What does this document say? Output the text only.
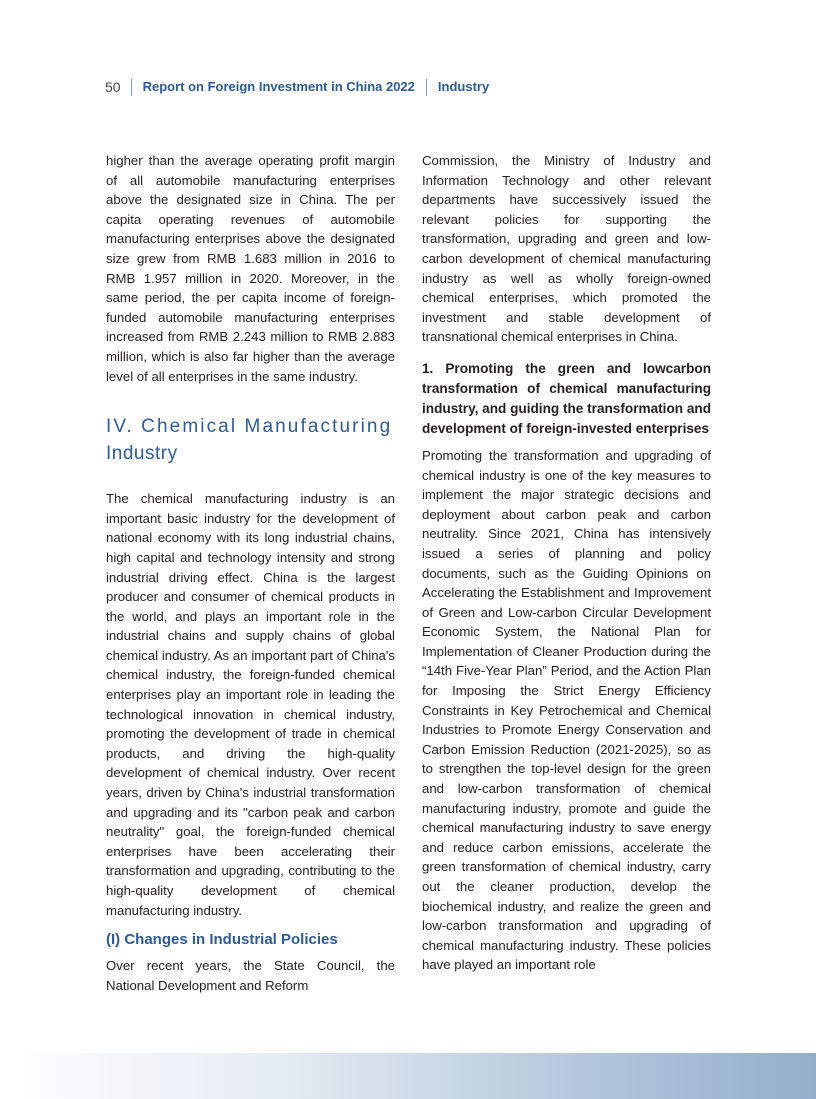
50 Report on Foreign Investment in China 2022 Industry

higher than the average operating profit margin of all automobile manufacturing enterprises above the designated size in China. The per capita operating revenues of automobile manufacturing enterprises above the designated size grew from RMB 1.683 million in 2016 to RMB 1.957 million in 2020. Moreover, in the same period, the per capita income of foreign-funded automobile manufacturing enterprises increased from RMB 2.243 million to RMB 2.883 million, which is also far higher than the average level of all enterprises in the same industry.

IV. Chemical Manufacturing
Industry

The chemical manufacturing industry is an important basic industry for the development of national economy with its long industrial chains, high capital and technology intensity and strong industrial driving effect. China is the largest producer and consumer of chemical products in the world, and plays an important role in the industrial chains and supply chains of global chemical industry. As an important part of China's chemical industry, the foreign-funded chemical enterprises play an important role in leading the technological innovation in chemical industry, promoting the development of trade in chemical products, and driving the high-quality development of chemical industry. Over recent years, driven by China's industrial transformation and upgrading and its "carbon peak and carbon neutrality" goal, the foreign-funded chemical enterprises have been accelerating their transformation and upgrading, contributing to the high-quality development of chemical manufacturing industry.

(I) Changes in Industrial Policies

Over recent years, the State Council, the National Development and Reform

Commission, the Ministry of Industry and Information Technology and other relevant departments have successively issued the relevant policies for supporting the transformation, upgrading and green and low-carbon development of chemical manufacturing industry as well as wholly foreign-owned chemical enterprises, which promoted the investment and stable development of transnational chemical enterprises in China.

1. Promoting the green and lowcarbon transformation of chemical manufacturing industry, and guiding the transformation and development of foreign-invested enterprises

Promoting the transformation and upgrading of chemical industry is one of the key measures to implement the major strategic decisions and deployment about carbon peak and carbon neutrality. Since 2021, China has intensively issued a series of planning and policy documents, such as the Guiding Opinions on Accelerating the Establishment and Improvement of Green and Low-carbon Circular Development Economic System, the National Plan for Implementation of Cleaner Production during the “14th Five-Year Plan” Period, and the Action Plan for Imposing the Strict Energy Efficiency Constraints in Key Petrochemical and Chemical Industries to Promote Energy Conservation and Carbon Emission Reduction (2021-2025), so as to strengthen the top-level design for the green and low-carbon transformation of chemical manufacturing industry, promote and guide the chemical manufacturing industry to save energy and reduce carbon emissions, accelerate the green transformation of chemical industry, carry out the cleaner production, develop the biochemical industry, and realize the green and low-carbon transformation and upgrading of chemical manufacturing industry. These policies have played an important role
